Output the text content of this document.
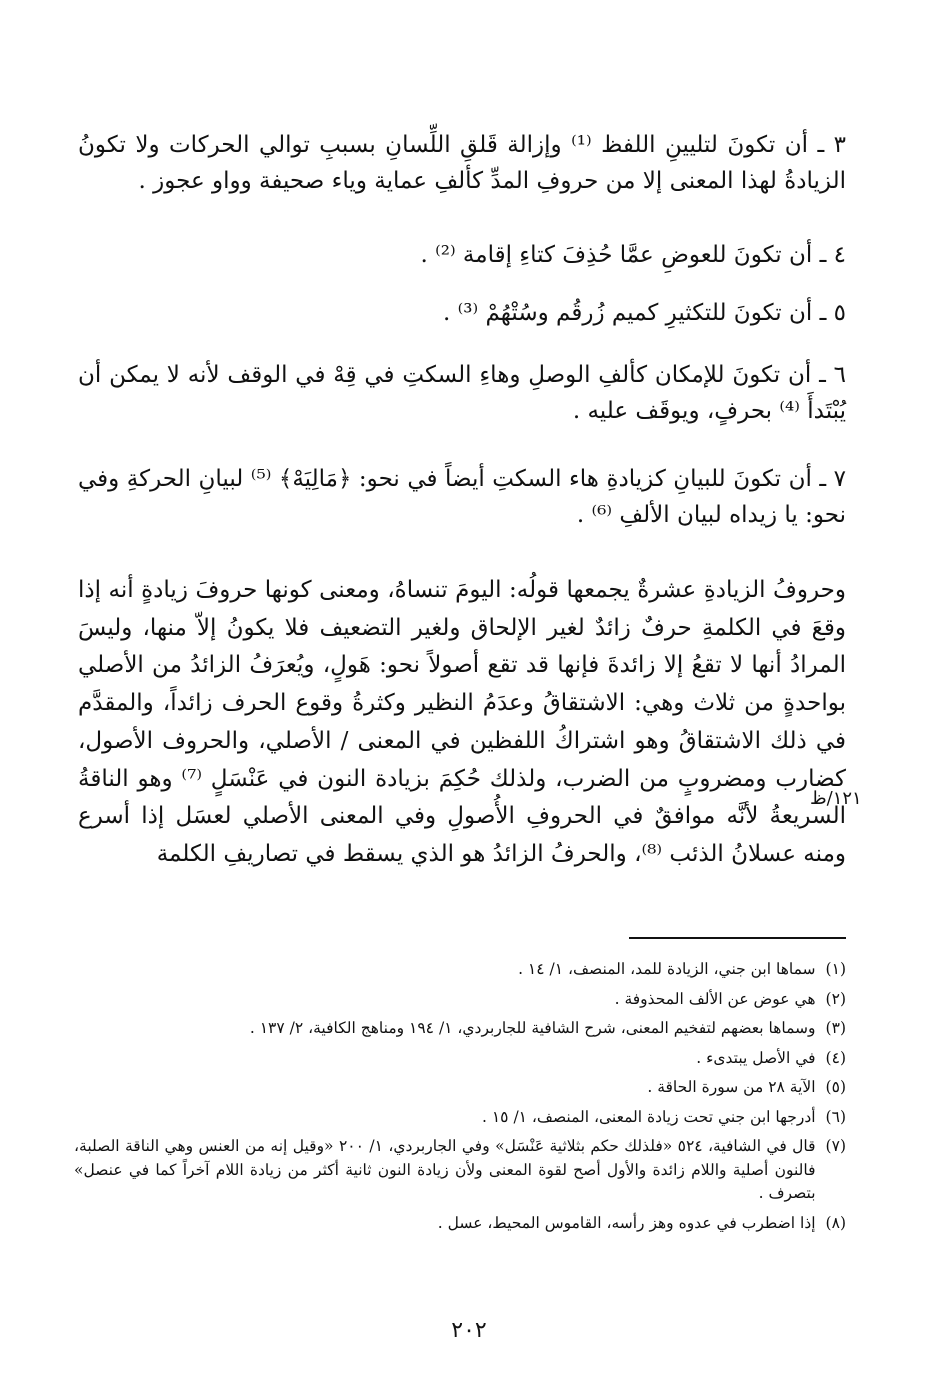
٣ ـ أن تكونَ لتليينِ اللفظ ⁽¹⁾ وإزالة قَلقِ اللِّسانِ بسببِ توالي الحركات ولا تكونُ الزيادةُ لهذا المعنى إلا من حروفِ المدِّ كألفِ عماية وياء صحيفة وواو عجوز .

٤ ـ أن تكونَ للعوضِ عمَّا حُذِفَ كتاءِ إقامة ⁽²⁾ .

٥ ـ أن تكونَ للتكثيرِ كميم زُرقُم وسُتْهُمْ ⁽³⁾ .

٦ ـ أن تكونَ للإمكان كألفِ الوصلِ وهاءِ السكتِ في قِهْ في الوقف لأنه لا يمكن أن يُبْتَدأَ ⁽⁴⁾ بحرفٍ، ويوقَف عليه .

٧ ـ أن تكونَ للبيانِ كزيادةِ هاء السكتِ أيضاً في نحو: ﴿مَالِيَهْ﴾ ⁽⁵⁾ لبيانِ الحركةِ وفي نحو: يا زيداه لبيان الألفِ ⁽⁶⁾ .

وحروفُ الزيادةِ عشرةٌ يجمعها قولُه: اليومَ تنساهُ، ومعنى كونها حروفَ زيادةٍ أنه إذا وقعَ في الكلمةِ حرفٌ زائدٌ لغير الإلحاق ولغير التضعيف فلا يكونُ إلاّ منها، وليسَ المرادُ أنها لا تقعُ إلا زائدةَ فإنها قد تقع أصولاً نحو: هَولٍ، ويُعرَفُ الزائدُ من الأصلي بواحدةٍ من ثلاث وهي: الاشتقاقُ وعدَمُ النظير وكثرةُ وقوع الحرف زائداً، والمقدَّم في ذلك الاشتقاقُ وهو اشتراكُ اللفظين في المعنى / الأصلي، والحروف الأصول، كضارب ومضروبٍ من الضرب، ولذلك حُكِمَ بزيادة النون في عَنْسَلٍ ⁽⁷⁾ وهو الناقةُ السريعةُ لأنَّه موافقٌ في الحروفِ الأُصولِ وفي المعنى الأصلي لعسَل إذا أسرع ومنه عسلانُ الذئب ⁽⁸⁾، والحرفُ الزائدُ هو الذي يسقط في تصاريفِ الكلمة

١٢١/ظ
(١)
سماها ابن جني، الزيادة للمد، المنصف، ١/ ١٤ .
(٢)
هي عوض عن الألف المحذوفة .
(٣)
وسماها بعضهم لتفخيم المعنى، شرح الشافية للجاربردي، ١/ ١٩٤ ومناهج الكافية، ٢/ ١٣٧ .
(٤)
في الأصل يبتدىء .
(٥)
الآية ٢٨ من سورة الحاقة .
(٦)
أدرجها ابن جني تحت زيادة المعنى، المنصف، ١/ ١٥ .
(٧)
قال في الشافية، ٥٢٤ «فلذلك حكم بثلاثية عَنْسَل» وفي الجاربردي، ١/ ٢٠٠ «وقيل إنه من العنس وهي الناقة الصلبة، فالنون أصلية واللام زائدة والأول أصح لقوة المعنى ولأن زيادة النون ثانية أكثر من زيادة اللام آخراً كما في عنصل» بتصرف .
(٨)
إذا اضطرب في عدوه وهز رأسه، القاموس المحيط، عسل .
٢٠٢
